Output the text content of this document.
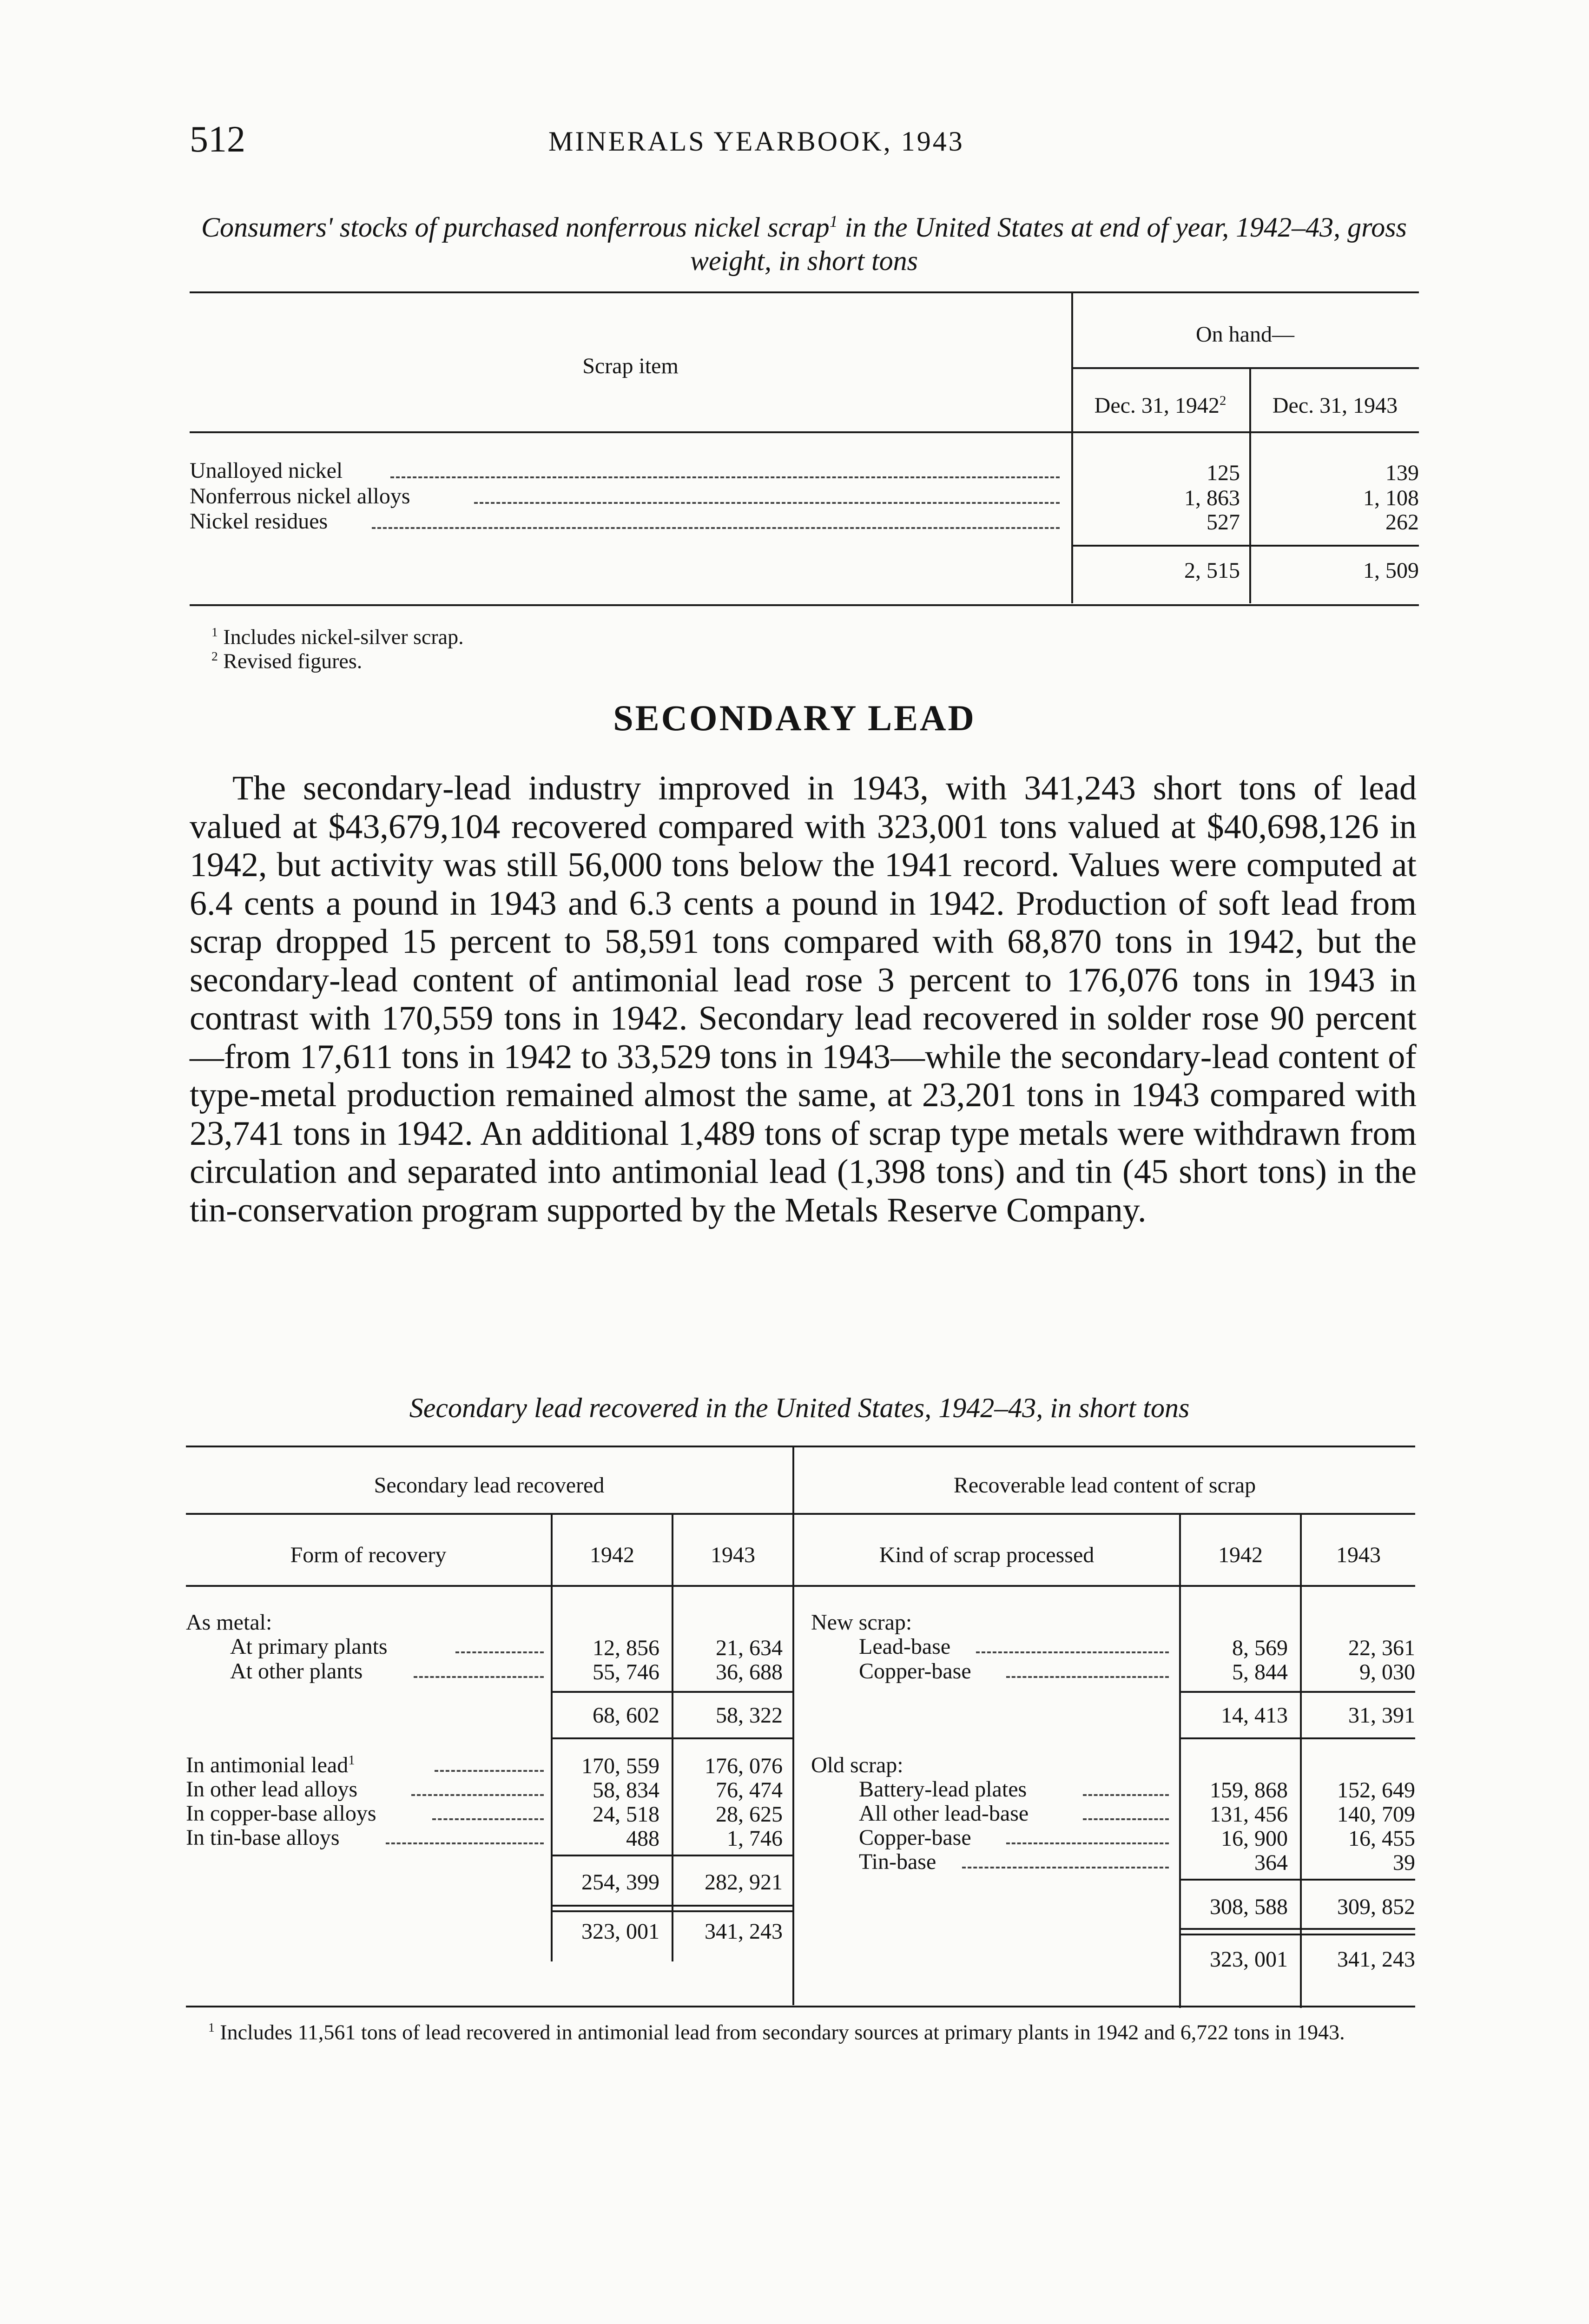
512	MINERALS YEARBOOK, 1943
Consumers' stocks of purchased nonferrous nickel scrap$^1$ in the United States at end of year, 1942–43, gross weight, in short tons
Scrap item
On hand—
Dec. 31, 1942$^2$	Dec. 31, 1943
Unalloyed nickel	125	139
Nonferrous nickel alloys	1, 863	1, 108
Nickel residues	527	262
2, 515	1, 509
$^1$ Includes nickel-silver scrap.
$^2$ Revised figures.
SECONDARY LEAD

The secondary-lead industry improved in 1943, with 341,243 short tons of lead valued at $43,679,104 recovered compared with 323,001 tons valued at $40,698,126 in 1942, but activity was still 56,000 tons below the 1941 record. Values were computed at 6.4 cents a pound in 1943 and 6.3 cents a pound in 1942. Production of soft lead from scrap dropped 15 percent to 58,591 tons compared with 68,870 tons in 1942, but the secondary-lead content of antimonial lead rose 3 percent to 176,076 tons in 1943 in contrast with 170,559 tons in 1942. Secondary lead recovered in solder rose 90 percent—from 17,611 tons in 1942 to 33,529 tons in 1943—while the secondary-lead content of type-metal production remained almost the same, at 23,201 tons in 1943 compared with 23,741 tons in 1942. An additional 1,489 tons of scrap type metals were withdrawn from circulation and separated into antimonial lead (1,398 tons) and tin (45 short tons) in the tin-conservation program supported by the Metals Reserve Company.

Secondary lead recovered in the United States, 1942–43, in short tons
Secondary lead recovered	Recoverable lead content of scrap
Form of recovery	1942	1943	Kind of scrap processed	1942	1943
As metal:
At primary plants	12, 856	21, 634
At other plants	55, 746	36, 688
68, 602	58, 322
In antimonial lead$^1$	170, 559	176, 076
In other lead alloys	58, 834	76, 474
In copper-base alloys	24, 518	28, 625
In tin-base alloys	488	1, 746
254, 399	282, 921
323, 001	341, 243
New scrap:
Lead-base	8, 569	22, 361
Copper-base	5, 844	9, 030
14, 413	31, 391
Old scrap:
Battery-lead plates	159, 868	152, 649
All other lead-base	131, 456	140, 709
Copper-base	16, 900	16, 455
Tin-base	364	39
308, 588	309, 852
323, 001	341, 243
$^1$ Includes 11,561 tons of lead recovered in antimonial lead from secondary sources at primary plants in 1942 and 6,722 tons in 1943.
